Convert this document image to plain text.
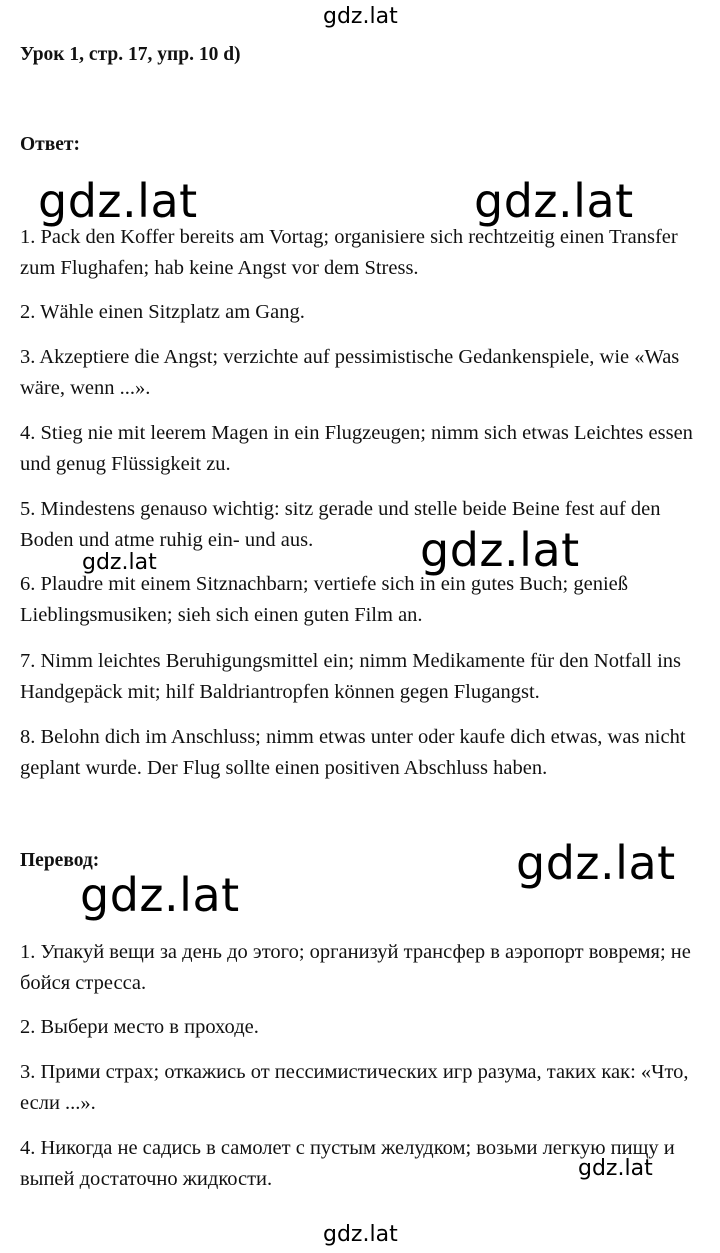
gdz.lat
Урок 1, стр. 17, упр. 10 d)
Ответ:
gdz.lat	gdz.lat
1. Pack den Koffer bereits am Vortag; organisiere sich rechtzeitig einen Transfer zum Flughafen; hab keine Angst vor dem Stress.
2. Wähle einen Sitzplatz am Gang.
3. Akzeptiere die Angst; verzichte auf pessimistische Gedankenspiele, wie «Was wäre, wenn ...».
4. Stieg nie mit leerem Magen in ein Flugzeugen; nimm sich etwas Leichtes essen und genug Flüssigkeit zu.
5. Mindestens genauso wichtig: sitz gerade und stelle beide Beine fest auf den Boden und atme ruhig ein- und aus.	gdz.lat
gdz.lat
6. Plaudre mit einem Sitznachbarn; vertiefe sich in ein gutes Buch; genieß Lieblingsmusiken; sieh sich einen guten Film an.
7. Nimm leichtes Beruhigungsmittel ein; nimm Medikamente für den Notfall ins Handgepäck mit; hilf Baldriantropfen können gegen Flugangst.
8. Belohn dich im Anschluss; nimm etwas unter oder kaufe dich etwas, was nicht geplant wurde. Der Flug sollte einen positiven Abschluss haben.
Перевод:	gdz.lat
gdz.lat
1. Упакуй вещи за день до этого; организуй трансфер в аэропорт вовремя; не бойся стресса.
2. Выбери место в проходе.
3. Прими страх; откажись от пессимистических игр разума, таких как: «Что, если ...».
4. Никогда не садись в самолет с пустым желудком; возьми легкую пищу и выпей достаточно жидкости.	gdz.lat
gdz.lat
